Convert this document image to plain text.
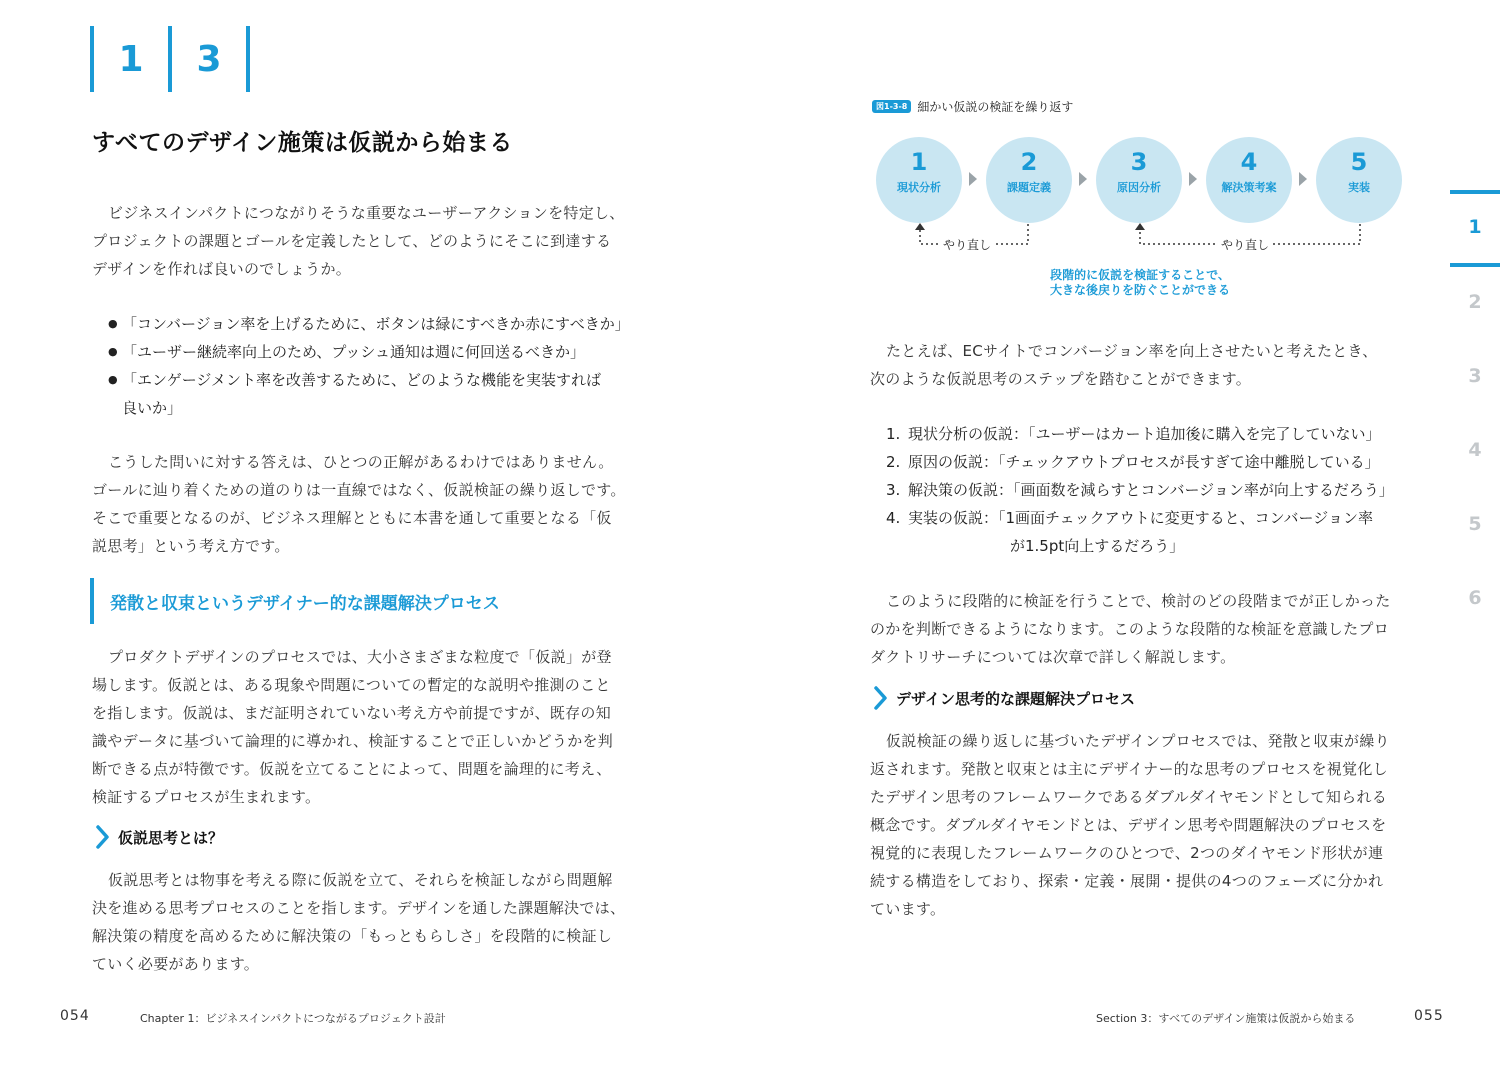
1	3
すべてのデザイン施策は仮説から始まる
ビジネスインパクトにつながりそうな重要なユーザーアクションを特定し、
プロジェクトの課題とゴールを定義したとして、どのようにそこに到達する
デザインを作れば良いのでしょうか。
● 「コンバージョン率を上げるために、ボタンは緑にすべきか赤にすべきか」
● 「ユーザー継続率向上のため、プッシュ通知は週に何回送るべきか」
● 「エンゲージメント率を改善するために、どのような機能を実装すれば
良いか」
こうした問いに対する答えは、ひとつの正解があるわけではありません。
ゴールに辿り着くための道のりは一直線ではなく、仮説検証の繰り返しです。
そこで重要となるのが、ビジネス理解とともに本書を通して重要となる「仮
説思考」という考え方です。
発散と収束というデザイナー的な課題解決プロセス
プロダクトデザインのプロセスでは、大小さまざまな粒度で「仮説」が登
場します。仮説とは、ある現象や問題についての暫定的な説明や推測のこと
を指します。仮説は、まだ証明されていない考え方や前提ですが、既存の知
識やデータに基づいて論理的に導かれ、検証することで正しいかどうかを判
断できる点が特徴です。仮説を立てることによって、問題を論理的に考え、
検証するプロセスが生まれます。
仮説思考とは？
仮説思考とは物事を考える際に仮説を立て、それらを検証しながら問題解
決を進める思考プロセスのことを指します。デザインを通した課題解決では、
解決策の精度を高めるために解決策の「もっともらしさ」を段階的に検証し
ていく必要があります。
054	Chapter 1：ビジネスインパクトにつながるプロジェクト設計
図1-3-8 細かい仮説の検証を繰り返す
1
現状分析
2
課題定義
3
原因分析
4
解決策考案
5
実装
やり直し	やり直し
段階的に仮説を検証することで、
大きな後戻りを防ぐことができる
たとえば、ECサイトでコンバージョン率を向上させたいと考えたとき、
次のような仮説思考のステップを踏むことができます。
1. 現状分析の仮説：「ユーザーはカート追加後に購入を完了していない」
2. 原因の仮説：「チェックアウトプロセスが長すぎて途中離脱している」
3. 解決策の仮説：「画面数を減らすとコンバージョン率が向上するだろう」
4. 実装の仮説：「1画面チェックアウトに変更すると、コンバージョン率
が1.5pt向上するだろう」
このように段階的に検証を行うことで、検討のどの段階までが正しかった
のかを判断できるようになります。このような段階的な検証を意識したプロ
ダクトリサーチについては次章で詳しく解説します。
デザイン思考的な課題解決プロセス
仮説検証の繰り返しに基づいたデザインプロセスでは、発散と収束が繰り
返されます。発散と収束とは主にデザイナー的な思考のプロセスを視覚化し
たデザイン思考のフレームワークであるダブルダイヤモンドとして知られる
概念です。ダブルダイヤモンドとは、デザイン思考や問題解決のプロセスを
視覚的に表現したフレームワークのひとつで、2つのダイヤモンド形状が連
続する構造をしており、探索・定義・展開・提供の4つのフェーズに分かれ
ています。
1
2
3
4
5
6
Section 3：すべてのデザイン施策は仮説から始まる	055
